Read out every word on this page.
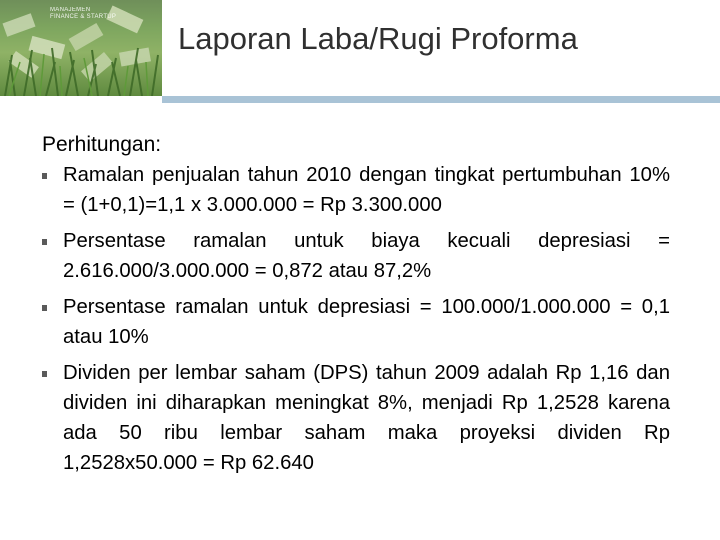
MANAJEMEN
FINANCE & STARTUP
Laporan Laba/Rugi Proforma
Perhitungan:
Ramalan penjualan tahun 2010 dengan tingkat pertumbuhan 10% = (1+0,1)=1,1 x 3.000.000 = Rp 3.300.000
Persentase ramalan untuk biaya kecuali depresiasi = 2.616.000/3.000.000 = 0,872 atau 87,2%
Persentase ramalan untuk depresiasi = 100.000/1.000.000 = 0,1 atau 10%
Dividen per lembar saham (DPS) tahun 2009 adalah Rp 1,16 dan dividen ini diharapkan meningkat 8%, menjadi Rp 1,2528 karena ada 50 ribu lembar saham maka proyeksi dividen Rp 1,2528x50.000 = Rp 62.640
